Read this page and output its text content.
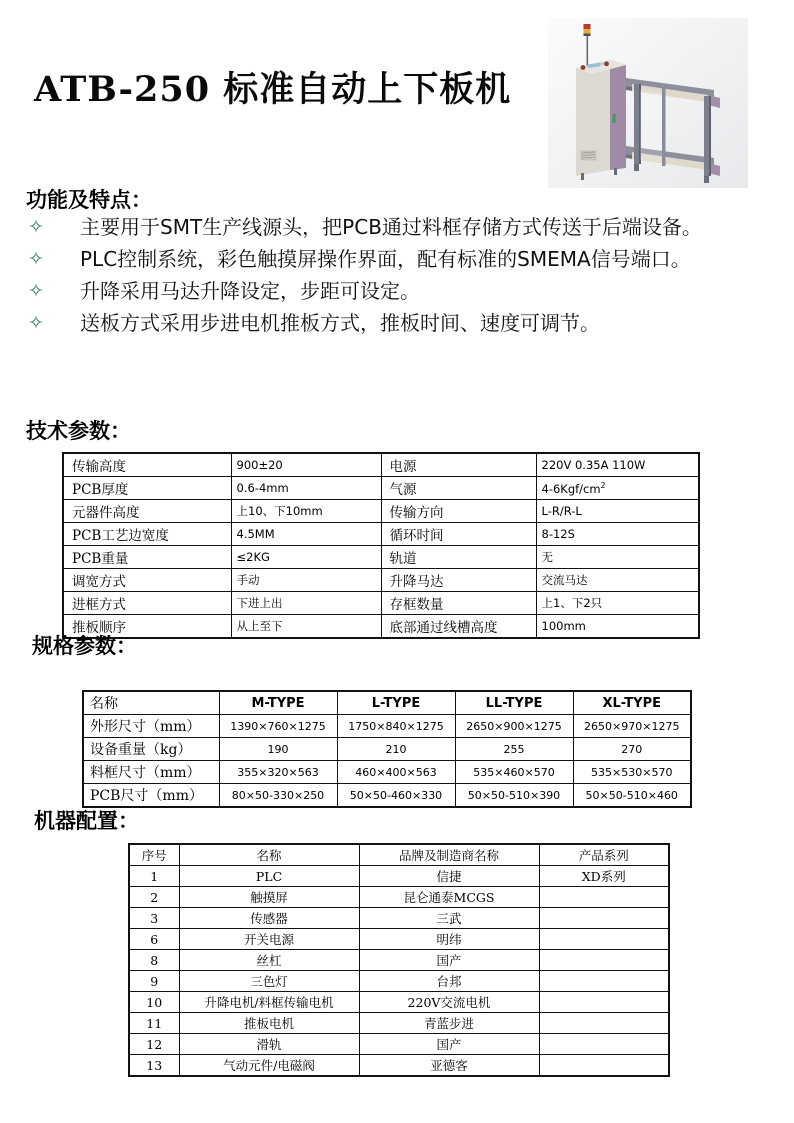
ATB-250 标准自动上下板机
功能及特点：
✧	主要用于SMT生产线源头，把PCB通过料框存储方式传送于后端设备。
✧	PLC控制系统，彩色触摸屏操作界面，配有标准的SMEMA信号端口。
✧	升降采用马达升降设定，步距可设定。
✧	送板方式采用步进电机推板方式，推板时间、速度可调节。
技术参数：
传输高度	900±20	电源	220V 0.35A 110W
PCB厚度	0.6-4mm	气源	$4-6Kgf/cm^2$
元器件高度	上10、下10mm	传输方向	L-R/R-L
PCB工艺边宽度	4.5MM	循环时间	8-12S
PCB重量	≤2KG	轨道	无
调宽方式	手动	升降马达	交流马达
进框方式	下进上出	存框数量	上1、下2只
推板顺序	从上至下	底部通过线槽高度	100mm
规格参数：
名称	M-TYPE	L-TYPE	LL-TYPE	XL-TYPE
外形尺寸（mm）	1390×760×1275	1750×840×1275	2650×900×1275	2650×970×1275
设备重量（kg）	190	210	255	270
料框尺寸（mm）	355×320×563	460×400×563	535×460×570	535×530×570
PCB尺寸（mm）	80×50-330×250	50×50-460×330	50×50-510×390	50×50-510×460
机器配置：
序号	名称	品牌及制造商名称	产品系列
1	PLC	信捷	XD系列
2	触摸屏	昆仑通泰MCGS	
3	传感器	三武	
6	开关电源	明纬	
8	丝杠	国产	
9	三色灯	台邦	
10	升降电机/料框传输电机	220V交流电机	
11	推板电机	青蓝步进	
12	滑轨	国产	
13	气动元件/电磁阀	亚德客	
